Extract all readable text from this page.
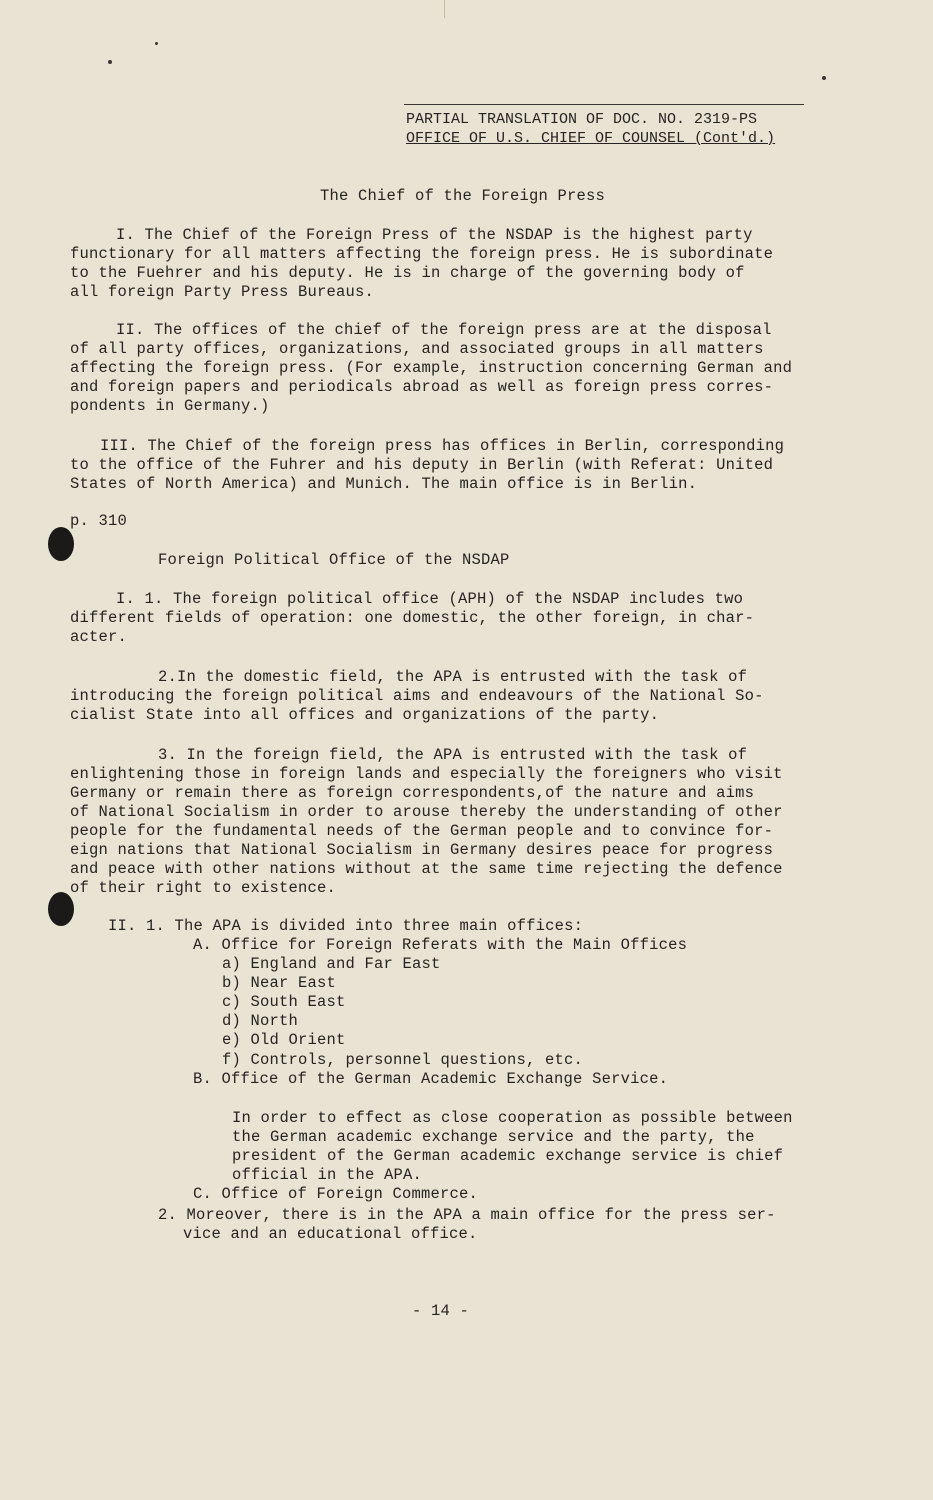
PARTIAL TRANSLATION OF DOC. NO. 2319-PS
OFFICE OF U.S. CHIEF OF COUNSEL (Cont'd.)
The Chief of the Foreign Press
I. The Chief of the Foreign Press of the NSDAP is the highest party
functionary for all matters affecting the foreign press. He is subordinate
to the Fuehrer and his deputy. He is in charge of the governing body of
all foreign Party Press Bureaus.
II. The offices of the chief of the foreign press are at the disposal
of all party offices, organizations, and associated groups in all matters
affecting the foreign press. (For example, instruction concerning German and
and foreign papers and periodicals abroad as well as foreign press corres-
pondents in Germany.)
III. The Chief of the foreign press has offices in Berlin, corresponding
to the office of the Fuhrer and his deputy in Berlin (with Referat: United
States of North America) and Munich. The main office is in Berlin.
p. 310
Foreign Political Office of the NSDAP
I. 1. The foreign political office (APH) of the NSDAP includes two
different fields of operation: one domestic, the other foreign, in char-
acter.
2.In the domestic field, the APA is entrusted with the task of
introducing the foreign political aims and endeavours of the National So-
cialist State into all offices and organizations of the party.
3. In the foreign field, the APA is entrusted with the task of
enlightening those in foreign lands and especially the foreigners who visit
Germany or remain there as foreign correspondents,of the nature and aims
of National Socialism in order to arouse thereby the understanding of other
people for the fundamental needs of the German people and to convince for-
eign nations that National Socialism in Germany desires peace for progress
and peace with other nations without at the same time rejecting the defence
of their right to existence.
II. 1. The APA is divided into three main offices:
A. Office for Foreign Referats with the Main Offices
a) England and Far East
b) Near East
c) South East
d) North
e) Old Orient
f) Controls, personnel questions, etc.
B. Office of the German Academic Exchange Service.
In order to effect as close cooperation as possible between
the German academic exchange service and the party, the
president of the German academic exchange service is chief
official in the APA.
C. Office of Foreign Commerce.
2. Moreover, there is in the APA a main office for the press ser-
vice and an educational office.
- 14 -
